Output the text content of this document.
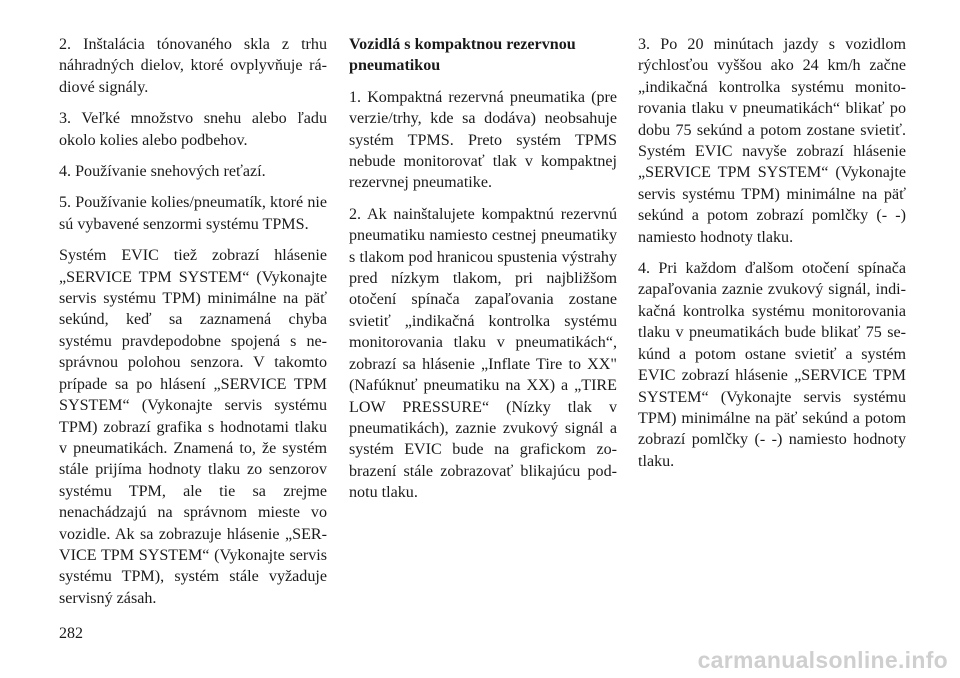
2. Inštalácia tónovaného skla z trhu náhradných dielov, ktoré ovplyvňuje rádiové signály.

3. Veľké množstvo snehu alebo ľadu okolo kolies alebo podbehov.

4. Používanie snehových reťazí.

5. Používanie kolies/pneumatík, ktoré nie sú vybavené senzormi systému TPMS.

Systém EVIC tiež zobrazí hlásenie „SERVICE TPM SYSTEM“ (Vykonajte servis systému TPM) minimálne na päť sekúnd, keď sa zaznamená chyba systému pravdepodobne spojená s nesprávnou polohou senzora. V takomto prípade sa po hlásení „SERVICE TPM SYSTEM“ (Vykonajte servis systému TPM) zobrazí grafika s hodnotami tlaku v pneumatikách. Znamená to, že systém stále prijíma hodnoty tlaku zo senzorov systému TPM, ale tie sa zrejme nenachádzajú na správnom mieste vo vozidle. Ak sa zobrazuje hlásenie „SERVICE TPM SYSTEM“ (Vykonajte servis systému TPM), systém stále vyžaduje servisný zásah.

Vozidlá s kompaktnou rezervnou pneumatikou

1. Kompaktná rezervná pneumatika (pre verzie/trhy, kde sa dodáva) neobsahuje systém TPMS. Preto systém TPMS nebude monitorovať tlak v kompaktnej rezervnej pneumatike.

2. Ak nainštalujete kompaktnú rezervnú pneumatiku namiesto cestnej pneumatiky s tlakom pod hranicou spustenia výstrahy pred nízkym tlakom, pri najbližšom otočení spínača zapaľovania zostane svietiť „indikačná kontrolka systému monitorovania tlaku v pneumatikách“, zobrazí sa hlásenie „Inflate Tire to XX" (Nafúknuť pneumatiku na XX) a „TIRE LOW PRESSURE“ (Nízky tlak v pneumatikách), zaznie zvukový signál a systém EVIC bude na grafickom zobrazení stále zobrazovať blikajúcu podnotu tlaku.

3. Po 20 minútach jazdy s vozidlom rýchlosťou vyššou ako 24 km/h začne „indikačná kontrolka systému monitorovania tlaku v pneumatikách“ blikať po dobu 75 sekúnd a potom zostane svietiť. Systém EVIC navyše zobrazí hlásenie „SERVICE TPM SYSTEM“ (Vykonajte servis systému TPM) minimálne na päť sekúnd a potom zobrazí pomlčky (- -) namiesto hodnoty tlaku.

4. Pri každom ďalšom otočení spínača zapaľovania zaznie zvukový signál, indikačná kontrolka systému monitorovania tlaku v pneumatikách bude blikať 75 sekúnd a potom ostane svietiť a systém EVIC zobrazí hlásenie „SERVICE TPM SYSTEM“ (Vykonajte servis systému TPM) minimálne na päť sekúnd a potom zobrazí pomlčky (- -) namiesto hodnoty tlaku.

282
carmanualsonline.info
